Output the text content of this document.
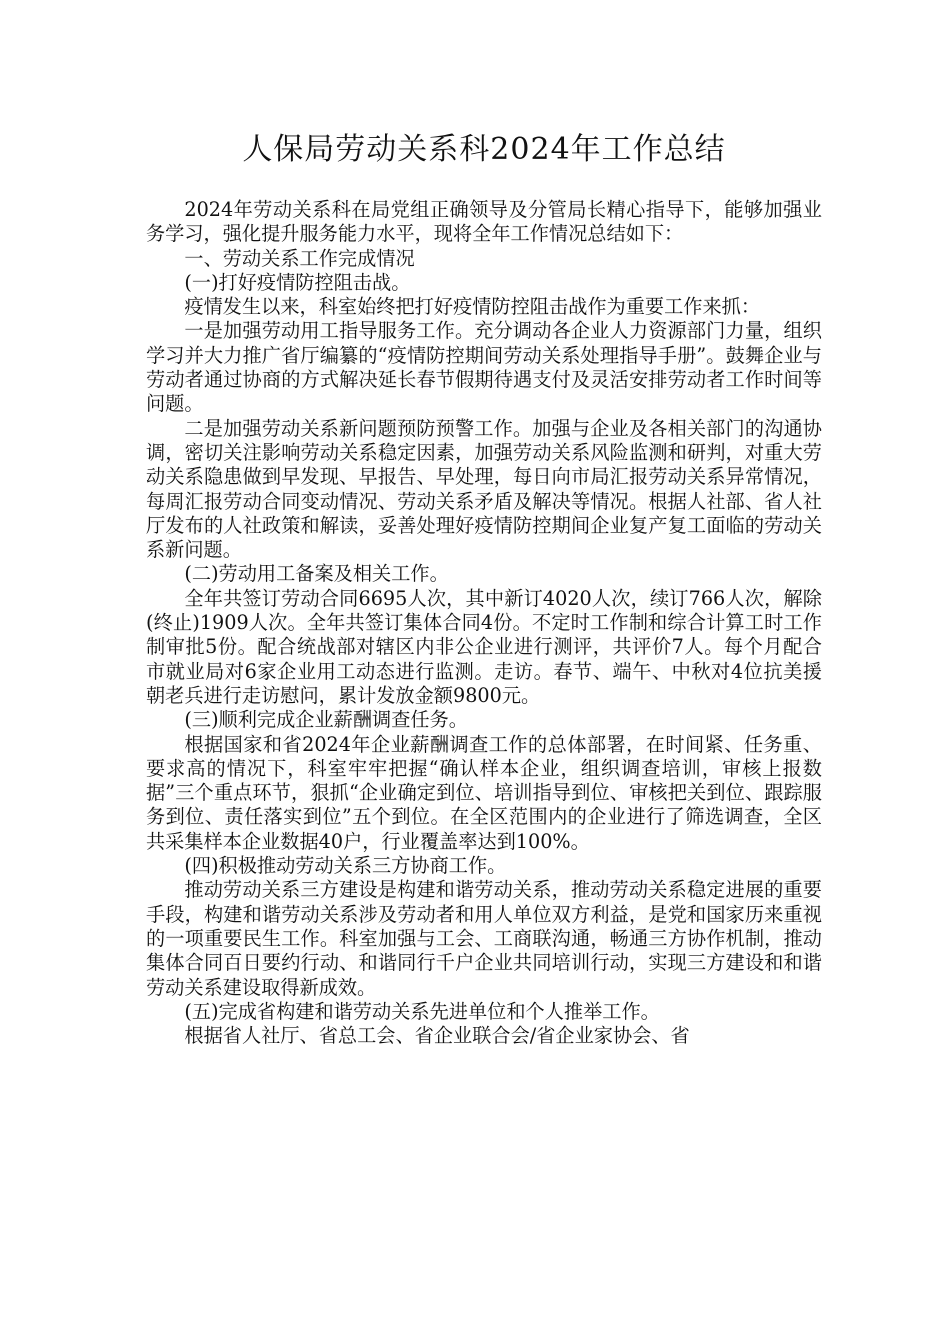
人保局劳动关系科2024年工作总结

2024年劳动关系科在局党组正确领导及分管局长精心指导下，能够加强业务学习，强化提升服务能力水平，现将全年工作情况总结如下：

一、劳动关系工作完成情况

(一)打好疫情防控阻击战。

疫情发生以来，科室始终把打好疫情防控阻击战作为重要工作来抓：

一是加强劳动用工指导服务工作。充分调动各企业人力资源部门力量，组织学习并大力推广省厅编纂的“疫情防控期间劳动关系处理指导手册”。鼓舞企业与劳动者通过协商的方式解决延长春节假期待遇支付及灵活安排劳动者工作时间等问题。

二是加强劳动关系新问题预防预警工作。加强与企业及各相关部门的沟通协调，密切关注影响劳动关系稳定因素，加强劳动关系风险监测和研判，对重大劳动关系隐患做到早发现、早报告、早处理，每日向市局汇报劳动关系异常情况，每周汇报劳动合同变动情况、劳动关系矛盾及解决等情况。根据人社部、省人社厅发布的人社政策和解读，妥善处理好疫情防控期间企业复产复工面临的劳动关系新问题。

(二)劳动用工备案及相关工作。

全年共签订劳动合同6695人次，其中新订4020人次，续订766人次，解除(终止)1909人次。全年共签订集体合同4份。不定时工作制和综合计算工时工作制审批5份。配合统战部对辖区内非公企业进行测评，共评价7人。每个月配合市就业局对6家企业用工动态进行监测。走访。春节、端午、中秋对4位抗美援朝老兵进行走访慰问，累计发放金额9800元。

(三)顺利完成企业薪酬调查任务。

根据国家和省2024年企业薪酬调查工作的总体部署，在时间紧、任务重、要求高的情况下，科室牢牢把握“确认样本企业，组织调查培训，审核上报数据”三个重点环节，狠抓“企业确定到位、培训指导到位、审核把关到位、跟踪服务到位、责任落实到位”五个到位。在全区范围内的企业进行了筛选调查，全区共采集样本企业数据40户，行业覆盖率达到100%。

(四)积极推动劳动关系三方协商工作。

推动劳动关系三方建设是构建和谐劳动关系，推动劳动关系稳定进展的重要手段，构建和谐劳动关系涉及劳动者和用人单位双方利益，是党和国家历来重视的一项重要民生工作。科室加强与工会、工商联沟通，畅通三方协作机制，推动集体合同百日要约行动、和谐同行千户企业共同培训行动，实现三方建设和和谐劳动关系建设取得新成效。

(五)完成省构建和谐劳动关系先进单位和个人推举工作。

根据省人社厅、省总工会、省企业联合会/省企业家协会、省
